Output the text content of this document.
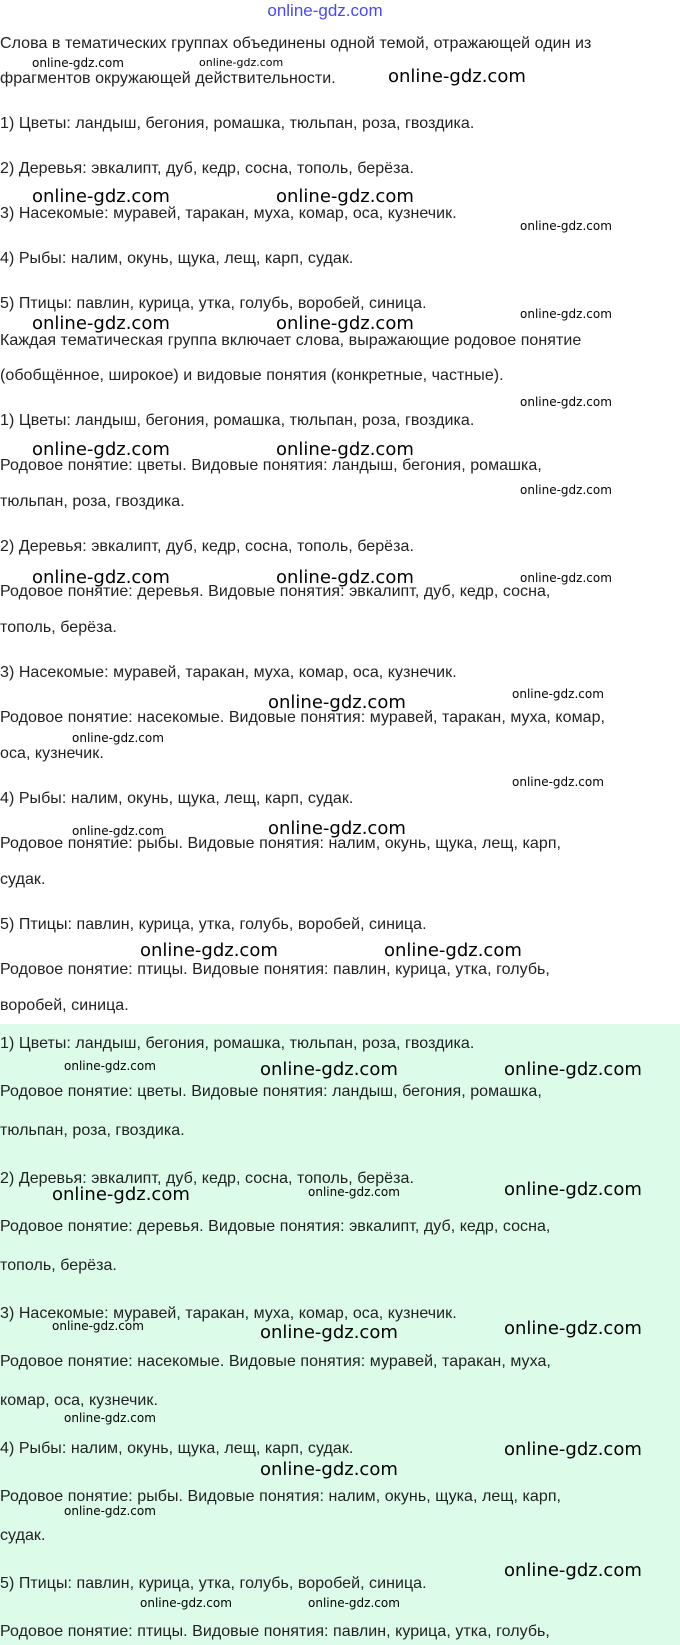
online-gdz.com
Слова в тематических группах объединены одной темой, отражающей один из
фрагментов окружающей действительности.
1) Цветы: ландыш, бегония, ромашка, тюльпан, роза, гвоздика.
2) Деревья: эвкалипт, дуб, кедр, сосна, тополь, берёза.
3) Насекомые: муравей, таракан, муха, комар, оса, кузнечик.
4) Рыбы: налим, окунь, щука, лещ, карп, судак.
5) Птицы: павлин, курица, утка, голубь, воробей, синица.
Каждая тематическая группа включает слова, выражающие родовое понятие
(обобщённое, широкое) и видовые понятия (конкретные, частные).
1) Цветы: ландыш, бегония, ромашка, тюльпан, роза, гвоздика.
Родовое понятие: цветы. Видовые понятия: ландыш, бегония, ромашка,
тюльпан, роза, гвоздика.
2) Деревья: эвкалипт, дуб, кедр, сосна, тополь, берёза.
Родовое понятие: деревья. Видовые понятия: эвкалипт, дуб, кедр, сосна,
тополь, берёза.
3) Насекомые: муравей, таракан, муха, комар, оса, кузнечик.
Родовое понятие: насекомые. Видовые понятия: муравей, таракан, муха, комар,
оса, кузнечик.
4) Рыбы: налим, окунь, щука, лещ, карп, судак.
Родовое понятие: рыбы. Видовые понятия: налим, окунь, щука, лещ, карп,
судак.
5) Птицы: павлин, курица, утка, голубь, воробей, синица.
Родовое понятие: птицы. Видовые понятия: павлин, курица, утка, голубь,
воробей, синица.
1) Цветы: ландыш, бегония, ромашка, тюльпан, роза, гвоздика.
Родовое понятие: цветы. Видовые понятия: ландыш, бегония, ромашка,
тюльпан, роза, гвоздика.
2) Деревья: эвкалипт, дуб, кедр, сосна, тополь, берёза.
Родовое понятие: деревья. Видовые понятия: эвкалипт, дуб, кедр, сосна,
тополь, берёза.
3) Насекомые: муравей, таракан, муха, комар, оса, кузнечик.
Родовое понятие: насекомые. Видовые понятия: муравей, таракан, муха,
комар, оса, кузнечик.
4) Рыбы: налим, окунь, щука, лещ, карп, судак.
Родовое понятие: рыбы. Видовые понятия: налим, окунь, щука, лещ, карп,
судак.
5) Птицы: павлин, курица, утка, голубь, воробей, синица.
Родовое понятие: птицы. Видовые понятия: павлин, курица, утка, голубь,
online-gdz.com	online-gdz.com
online-gdz.com
online-gdz.com	online-gdz.com
online-gdz.com
online-gdz.com	online-gdz.com	online-gdz.com
online-gdz.com
online-gdz.com	online-gdz.com
online-gdz.com
online-gdz.com	online-gdz.com	online-gdz.com
online-gdz.com	online-gdz.com
online-gdz.com
online-gdz.com
online-gdz.com	online-gdz.com
online-gdz.com	online-gdz.com
online-gdz.com	online-gdz.com	online-gdz.com
online-gdz.com	online-gdz.com	online-gdz.com
online-gdz.com	online-gdz.com	online-gdz.com
online-gdz.com
online-gdz.com
online-gdz.com
online-gdz.com
online-gdz.com
online-gdz.com	online-gdz.com
